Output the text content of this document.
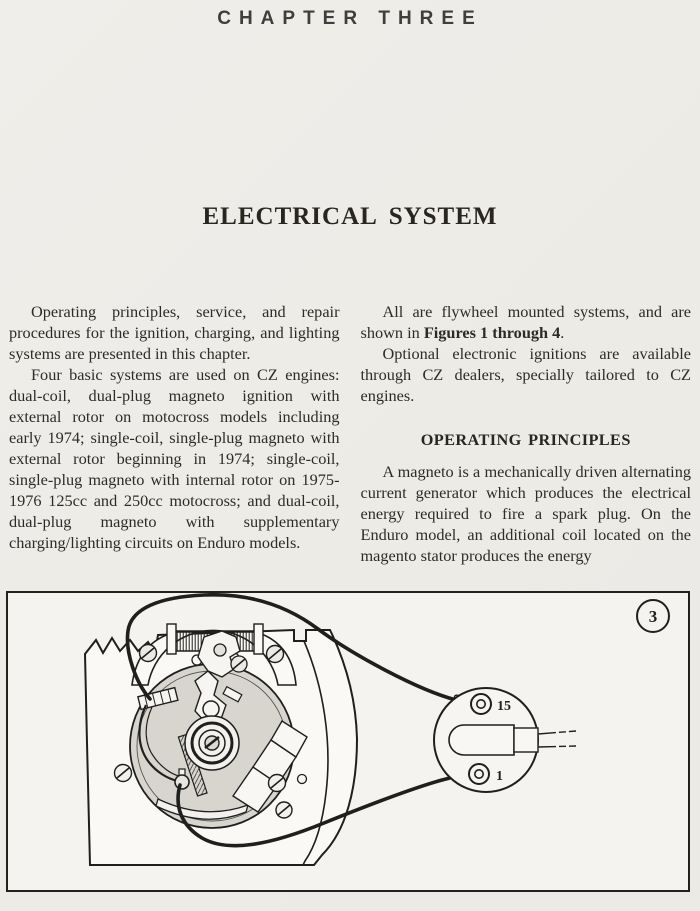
CHAPTER THREE
ELECTRICAL SYSTEM

Operating principles, service, and repair procedures for the ignition, charging, and lighting systems are presented in this chapter.

Four basic systems are used on CZ engines: dual-coil, dual-plug magneto ignition with external rotor on motocross models including early 1974; single-coil, single-plug magneto with external rotor beginning in 1974; single-coil, single-plug magneto with internal rotor on 1975-1976 125cc and 250cc motocross; and dual-coil, dual-plug magneto with supplementary charging/lighting circuits on Enduro models.

All are flywheel mounted systems, and are shown in Figures 1 through 4.

Optional electronic ignitions are available through CZ dealers, specially tailored to CZ engines.

OPERATING PRINCIPLES

A magneto is a mechanically driven alternating current generator which produces the electrical energy required to fire a spark plug. On the Enduro model, an additional coil located on the magento stator produces the energy

15
1
3
